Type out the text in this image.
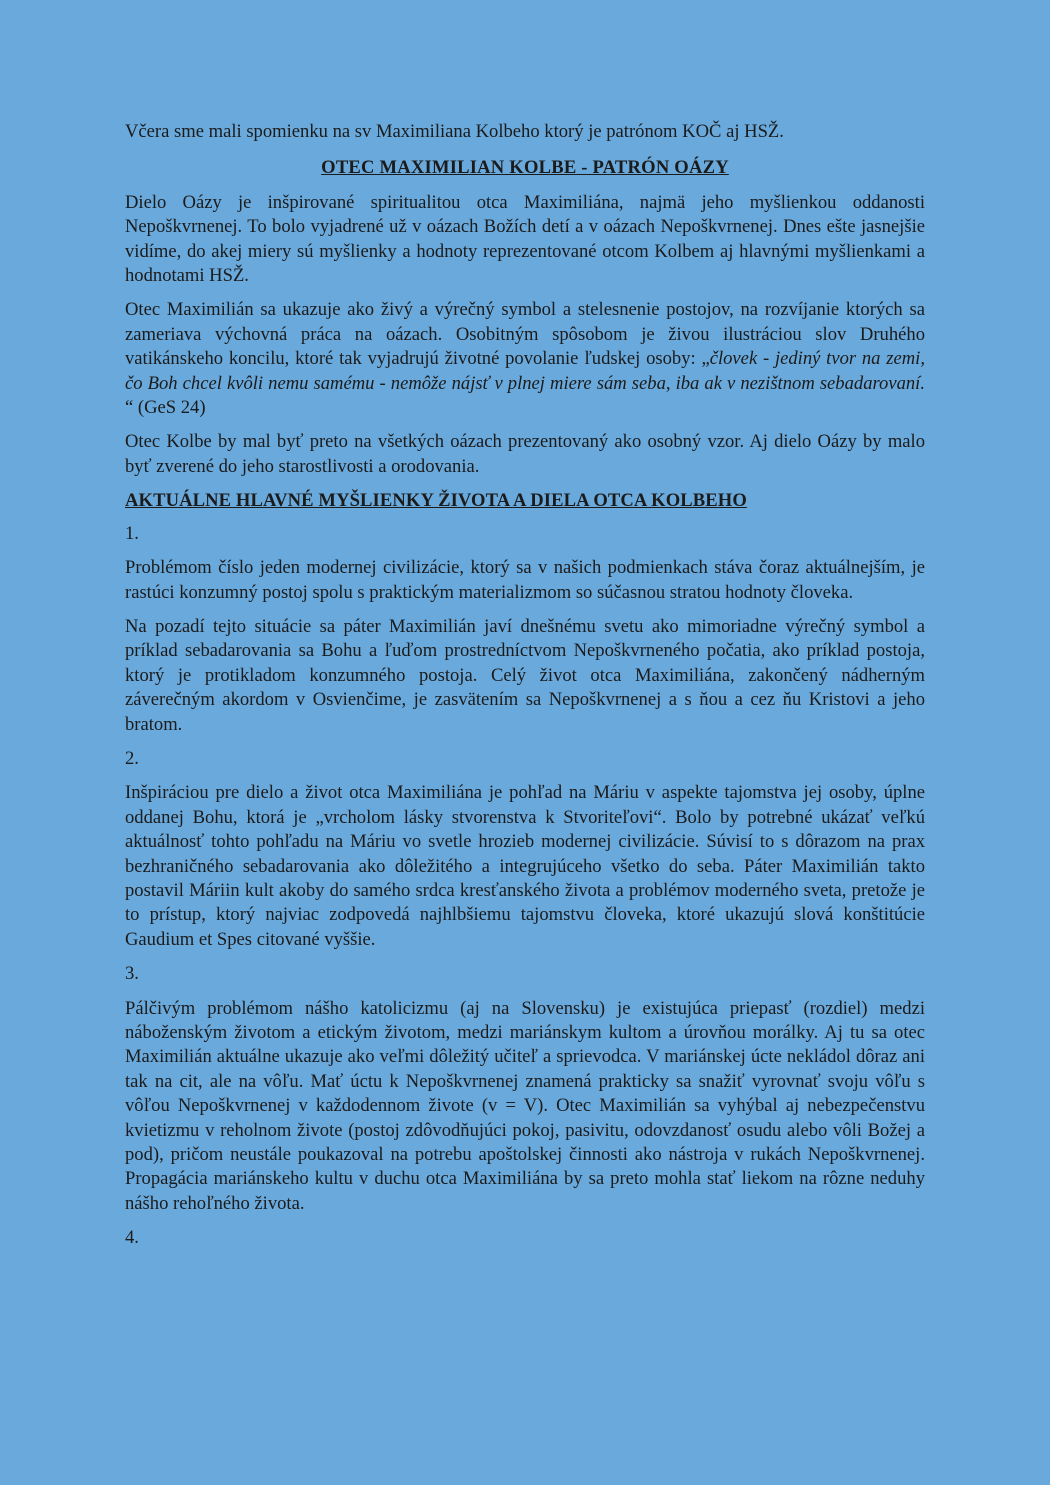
Včera sme mali spomienku na sv Maximiliana Kolbeho ktorý je patrónom KOČ aj HSŽ.

OTEC MAXIMILIAN KOLBE - PATRÓN OÁZY

Dielo Oázy je inšpirované spiritualitou otca Maximiliána, najmä jeho myšlienkou oddanosti Nepoškvrnenej. To bolo vyjadrené už v oázach Božích detí a v oázach Nepoškvrnenej. Dnes ešte jasnejšie vidíme, do akej miery sú myšlienky a hodnoty reprezentované otcom Kolbem aj hlavnými myšlienkami a hodnotami HSŽ.

Otec Maximilián sa ukazuje ako živý a výrečný symbol a stelesnenie postojov, na rozvíjanie ktorých sa zameriava výchovná práca na oázach. Osobitným spôsobom je živou ilustráciou slov Druhého vatikánskeho koncilu, ktoré tak vyjadrujú životné povolanie ľudskej osoby: „človek - jediný tvor na zemi, čo Boh chcel kvôli nemu samému - nemôže nájsť v plnej miere sám seba, iba ak v nezištnom sebadarovaní. “ (GeS 24)

Otec Kolbe by mal byť preto na všetkých oázach prezentovaný ako osobný vzor. Aj dielo Oázy by malo byť zverené do jeho starostlivosti a orodovania.

AKTUÁLNE HLAVNÉ MYŠLIENKY ŽIVOTA A DIELA OTCA KOLBEHO

1.

Problémom číslo jeden modernej civilizácie, ktorý sa v našich podmienkach stáva čoraz aktuálnejším, je rastúci konzumný postoj spolu s praktickým materializmom so súčasnou stratou hodnoty človeka.

Na pozadí tejto situácie sa páter Maximilián javí dnešnému svetu ako mimoriadne výrečný symbol a príklad sebadarovania sa Bohu a ľuďom prostredníctvom Nepoškvrneného počatia, ako príklad postoja, ktorý je protikladom konzumného postoja. Celý život otca Maximiliána, zakončený nádherným záverečným akordom v Osvienčime, je zasvätením sa Nepoškvrnenej a s ňou a cez ňu Kristovi a jeho bratom.

2.

Inšpiráciou pre dielo a život otca Maximiliána je pohľad na Máriu v aspekte tajomstva jej osoby, úplne oddanej Bohu, ktorá je „vrcholom lásky stvorenstva k Stvoriteľovi“. Bolo by potrebné ukázať veľkú aktuálnosť tohto pohľadu na Máriu vo svetle hrozieb modernej civilizácie. Súvisí to s dôrazom na prax bezhraničného sebadarovania ako dôležitého a integrujúceho všetko do seba. Páter Maximilián takto postavil Máriin kult akoby do samého srdca kresťanského života a problémov moderného sveta, pretože je to prístup, ktorý najviac zodpovedá najhlbšiemu tajomstvu človeka, ktoré ukazujú slová konštitúcie Gaudium et Spes citované vyššie.

3.

Pálčivým problémom nášho katolicizmu (aj na Slovensku) je existujúca priepasť (rozdiel) medzi náboženským životom a etickým životom, medzi mariánskym kultom a úrovňou morálky. Aj tu sa otec Maximilián aktuálne ukazuje ako veľmi dôležitý učiteľ a sprievodca. V mariánskej úcte nekládol dôraz ani tak na cit, ale na vôľu. Mať úctu k Nepoškvrnenej znamená prakticky sa snažiť vyrovnať svoju vôľu s vôľou Nepoškvrnenej v každodennom živote (v = V). Otec Maximilián sa vyhýbal aj nebezpečenstvu kvietizmu v reholnom živote (postoj zdôvodňujúci pokoj, pasivitu, odovzdanosť osudu alebo vôli Božej a pod), pričom neustále poukazoval na potrebu apoštolskej činnosti ako nástroja v rukách Nepoškvrnenej. Propagácia mariánskeho kultu v duchu otca Maximiliána by sa preto mohla stať liekom na rôzne neduhy nášho rehoľného života.

4.
